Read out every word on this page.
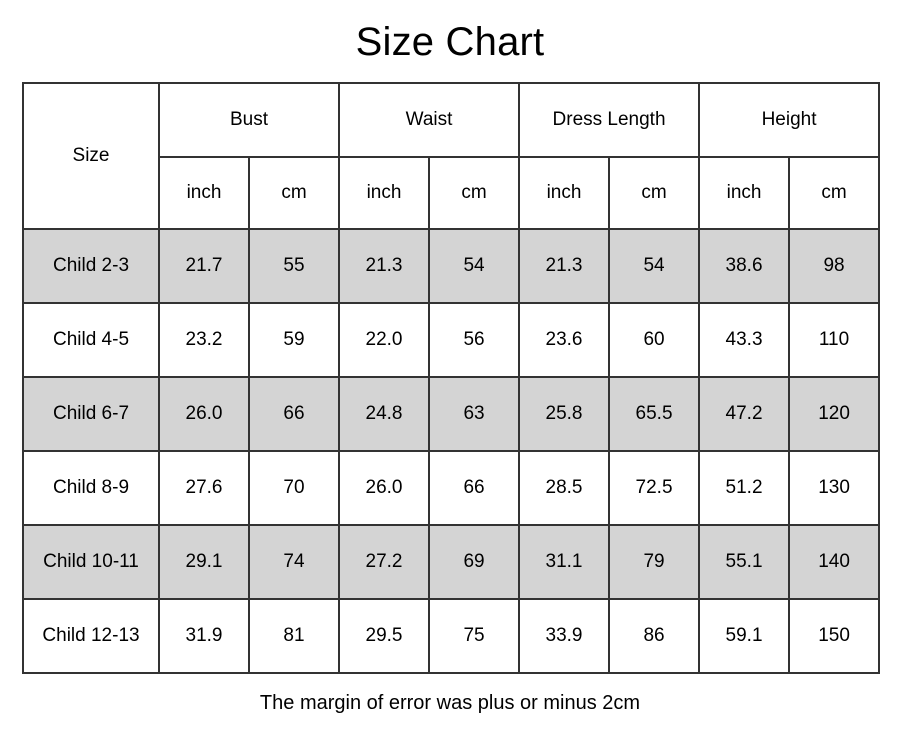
Size Chart
Size	Bust		Waist		Dress Length		Height	
	inch	cm	inch	cm	inch	cm	inch	cm
Child 2-3	21.7	55	21.3	54	21.3	54	38.6	98
Child 4-5	23.2	59	22.0	56	23.6	60	43.3	110
Child 6-7	26.0	66	24.8	63	25.8	65.5	47.2	120
Child 8-9	27.6	70	26.0	66	28.5	72.5	51.2	130
Child 10-11	29.1	74	27.2	69	31.1	79	55.1	140
Child 12-13	31.9	81	29.5	75	33.9	86	59.1	150
The margin of error was plus or minus 2cm
